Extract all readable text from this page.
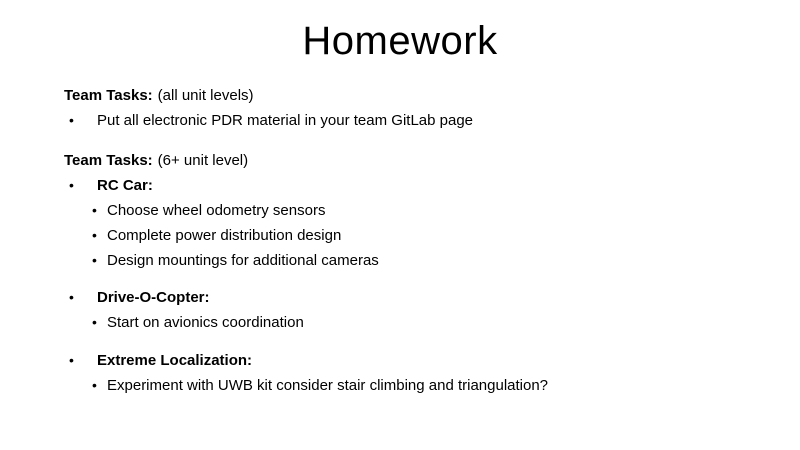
Homework

Team Tasks: (all unit levels)

•	Put all electronic PDR material in your team GitLab page

Team Tasks: (6+ unit level)

•	RC Car:
• Choose wheel odometry sensors
• Complete power distribution design
• Design mountings for additional cameras
•	Drive-O-Copter:
• Start on avionics coordination
•	Extreme Localization:
• Experiment with UWB kit consider stair climbing and triangulation?
